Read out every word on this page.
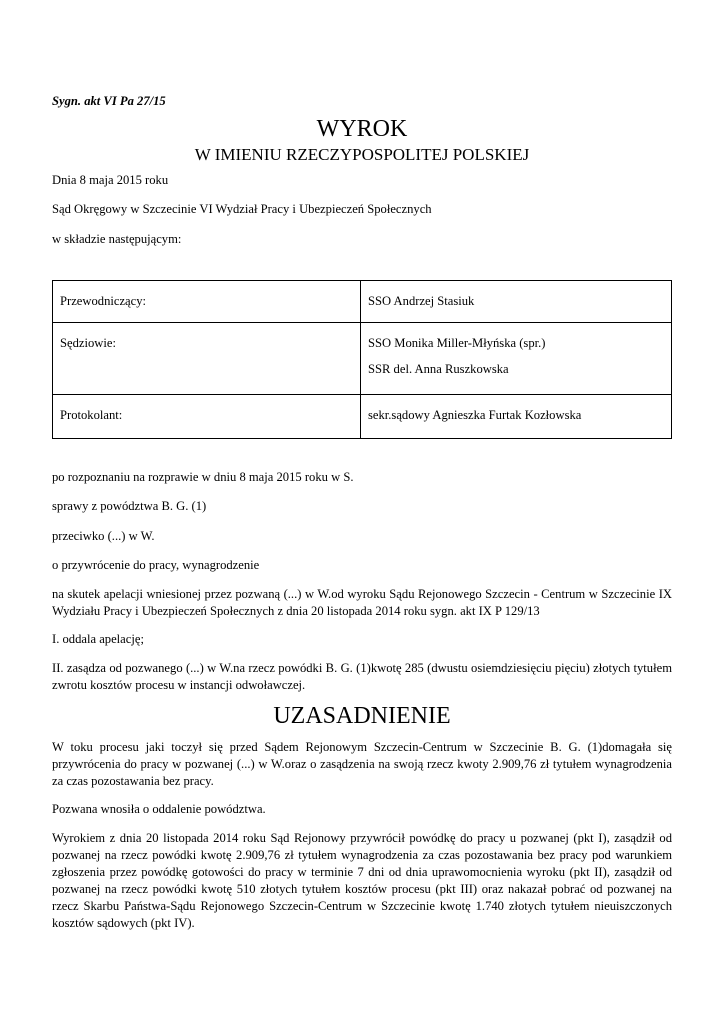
Sygn. akt VI Pa 27/15
WYROK
W IMIENIU RZECZYPOSPOLITEJ POLSKIEJ
Dnia 8 maja 2015 roku
Sąd Okręgowy w Szczecinie VI Wydział Pracy i Ubezpieczeń Społecznych
w składzie następującym:
Przewodniczący:	SSO Andrzej Stasiuk
Sędziowie:	SSO Monika Miller-Młyńska (spr.)
SSR del. Anna Ruszkowska

Protokolant:	sekr.sądowy Agnieszka Furtak Kozłowska
po rozpoznaniu na rozprawie w dniu 8 maja 2015 roku w S.
sprawy z powództwa B. G. (1)
przeciwko (...) w W.
o przywrócenie do pracy, wynagrodzenie
na skutek apelacji wniesionej przez pozwaną (...) w W.od wyroku Sądu Rejonowego Szczecin - Centrum w Szczecinie IX Wydziału Pracy i Ubezpieczeń Społecznych z dnia 20 listopada 2014 roku sygn. akt IX P 129/13
I. oddala apelację;
II. zasądza od pozwanego (...) w W.na rzecz powódki B. G. (1)kwotę 285 (dwustu osiemdziesięciu pięciu) złotych tytułem zwrotu kosztów procesu w instancji odwoławczej.
UZASADNIENIE
W toku procesu jaki toczył się przed Sądem Rejonowym Szczecin-Centrum w Szczecinie B. G. (1)domagała się przywrócenia do pracy w pozwanej (...) w W.oraz o zasądzenia na swoją rzecz kwoty 2.909,76 zł tytułem wynagrodzenia za czas pozostawania bez pracy.
Pozwana wnosiła o oddalenie powództwa.
Wyrokiem z dnia 20 listopada 2014 roku Sąd Rejonowy przywrócił powódkę do pracy u pozwanej (pkt I), zasądził od pozwanej na rzecz powódki kwotę 2.909,76 zł tytułem wynagrodzenia za czas pozostawania bez pracy pod warunkiem zgłoszenia przez powódkę gotowości do pracy w terminie 7 dni od dnia uprawomocnienia wyroku (pkt II), zasądził od pozwanej na rzecz powódki kwotę 510 złotych tytułem kosztów procesu (pkt III) oraz nakazał pobrać od pozwanej na rzecz Skarbu Państwa-Sądu Rejonowego Szczecin-Centrum w Szczecinie kwotę 1.740 złotych tytułem nieuiszczonych kosztów sądowych (pkt IV).
